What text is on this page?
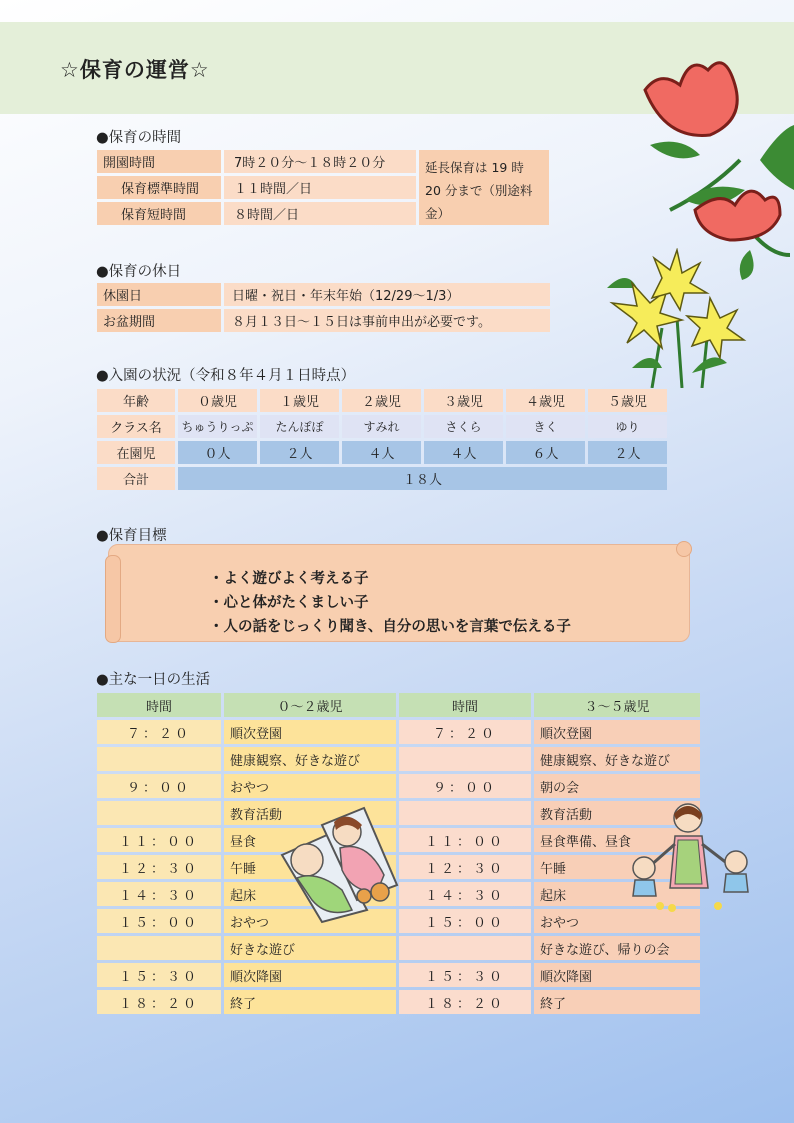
☆保育の運営☆
●保育の時間
開園時間	7時２０分～１８時２０分	延長保育は 19 時 20 分まで（別途料金）
保育標準時間	１１時間／日	
保育短時間	８時間／日	
●保育の休日
休園日	日曜・祝日・年末年始（12/29～1/3）
お盆期間	８月１３日～１５日は事前申出が必要です。
●入園の状況（令和８年４月１日時点）
年齢	０歳児	１歳児	２歳児	３歳児	４歳児	５歳児
クラス名	ちゅうりっぷ	たんぽぽ	すみれ	さくら	きく	ゆり
在園児	０人	２人	４人	４人	６人	２人
合計	１８人					
●保育目標
・よく遊びよく考える子
・心と体がたくましい子
・人の話をじっくり聞き、自分の思いを言葉で伝える子
●主な一日の生活
時間	０～２歳児	時間	３～５歳児
７：２０	順次登園	７：２０	順次登園
	健康観察、好きな遊び		健康観察、好きな遊び
９：００	おやつ	９：００	朝の会
	教育活動		教育活動
１１：００	昼食	１１：００	昼食準備、昼食
１２：３０	午睡	１２：３０	午睡
１４：３０	起床	１４：３０	起床
１５：００	おやつ	１５：００	おやつ
	好きな遊び		好きな遊び、帰りの会
１５：３０	順次降園	１５：３０	順次降園
１８：２０	終了	１８：２０	終了
